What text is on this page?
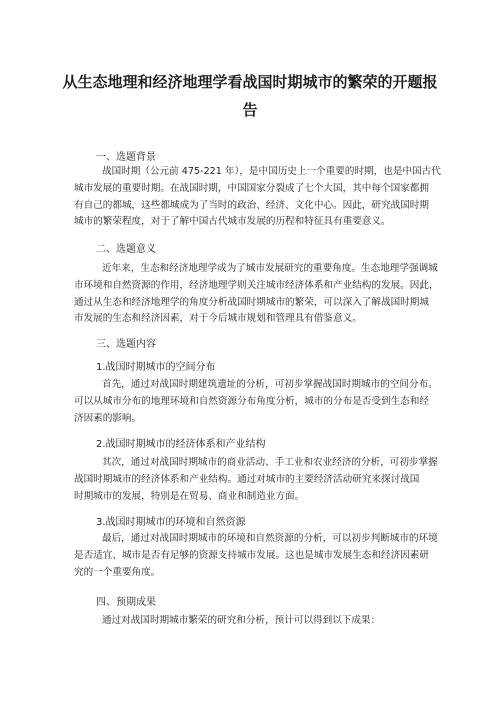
从生态地理和经济地理学看战国时期城市的繁荣的开题报
告
一、选题背景
战国时期（公元前 475-221 年），是中国历史上一个重要的时期，也是中国古代
城市发展的重要时期。在战国时期，中国国家分裂成了七个大国，其中每个国家都拥
有自己的都城，这些都城成为了当时的政治、经济、文化中心。因此，研究战国时期
城市的繁荣程度，对于了解中国古代城市发展的历程和特征具有重要意义。
二、选题意义
近年来，生态和经济地理学成为了城市发展研究的重要角度。生态地理学强调城
市环境和自然资源的作用，经济地理学则关注城市经济体系和产业结构的发展。因此，
通过从生态和经济地理学的角度分析战国时期城市的繁荣，可以深入了解战国时期城
市发展的生态和经济因素，对于今后城市规划和管理具有借鉴意义。
三、选题内容
1.战国时期城市的空间分布
首先，通过对战国时期建筑遗址的分析，可初步掌握战国时期城市的空间分布。
可以从城市分布的地理环境和自然资源分布角度分析，城市的分布是否受到生态和经
济因素的影响。
2.战国时期城市的经济体系和产业结构
其次，通过对战国时期城市的商业活动、手工业和农业经济的分析，可初步掌握
战国时期城市的经济体系和产业结构。通过对城市的主要经济活动研究来探讨战国
时期城市的发展，特别是在贸易、商业和制造业方面。
3.战国时期城市的环境和自然资源
最后，通过对战国时期城市的环境和自然资源的分析，可以初步判断城市的环境
是否适宜、城市是否有足够的资源支持城市发展。这也是城市发展生态和经济因素研
究的一个重要角度。
四、预期成果
通过对战国时期城市繁荣的研究和分析，预计可以得到以下成果：
